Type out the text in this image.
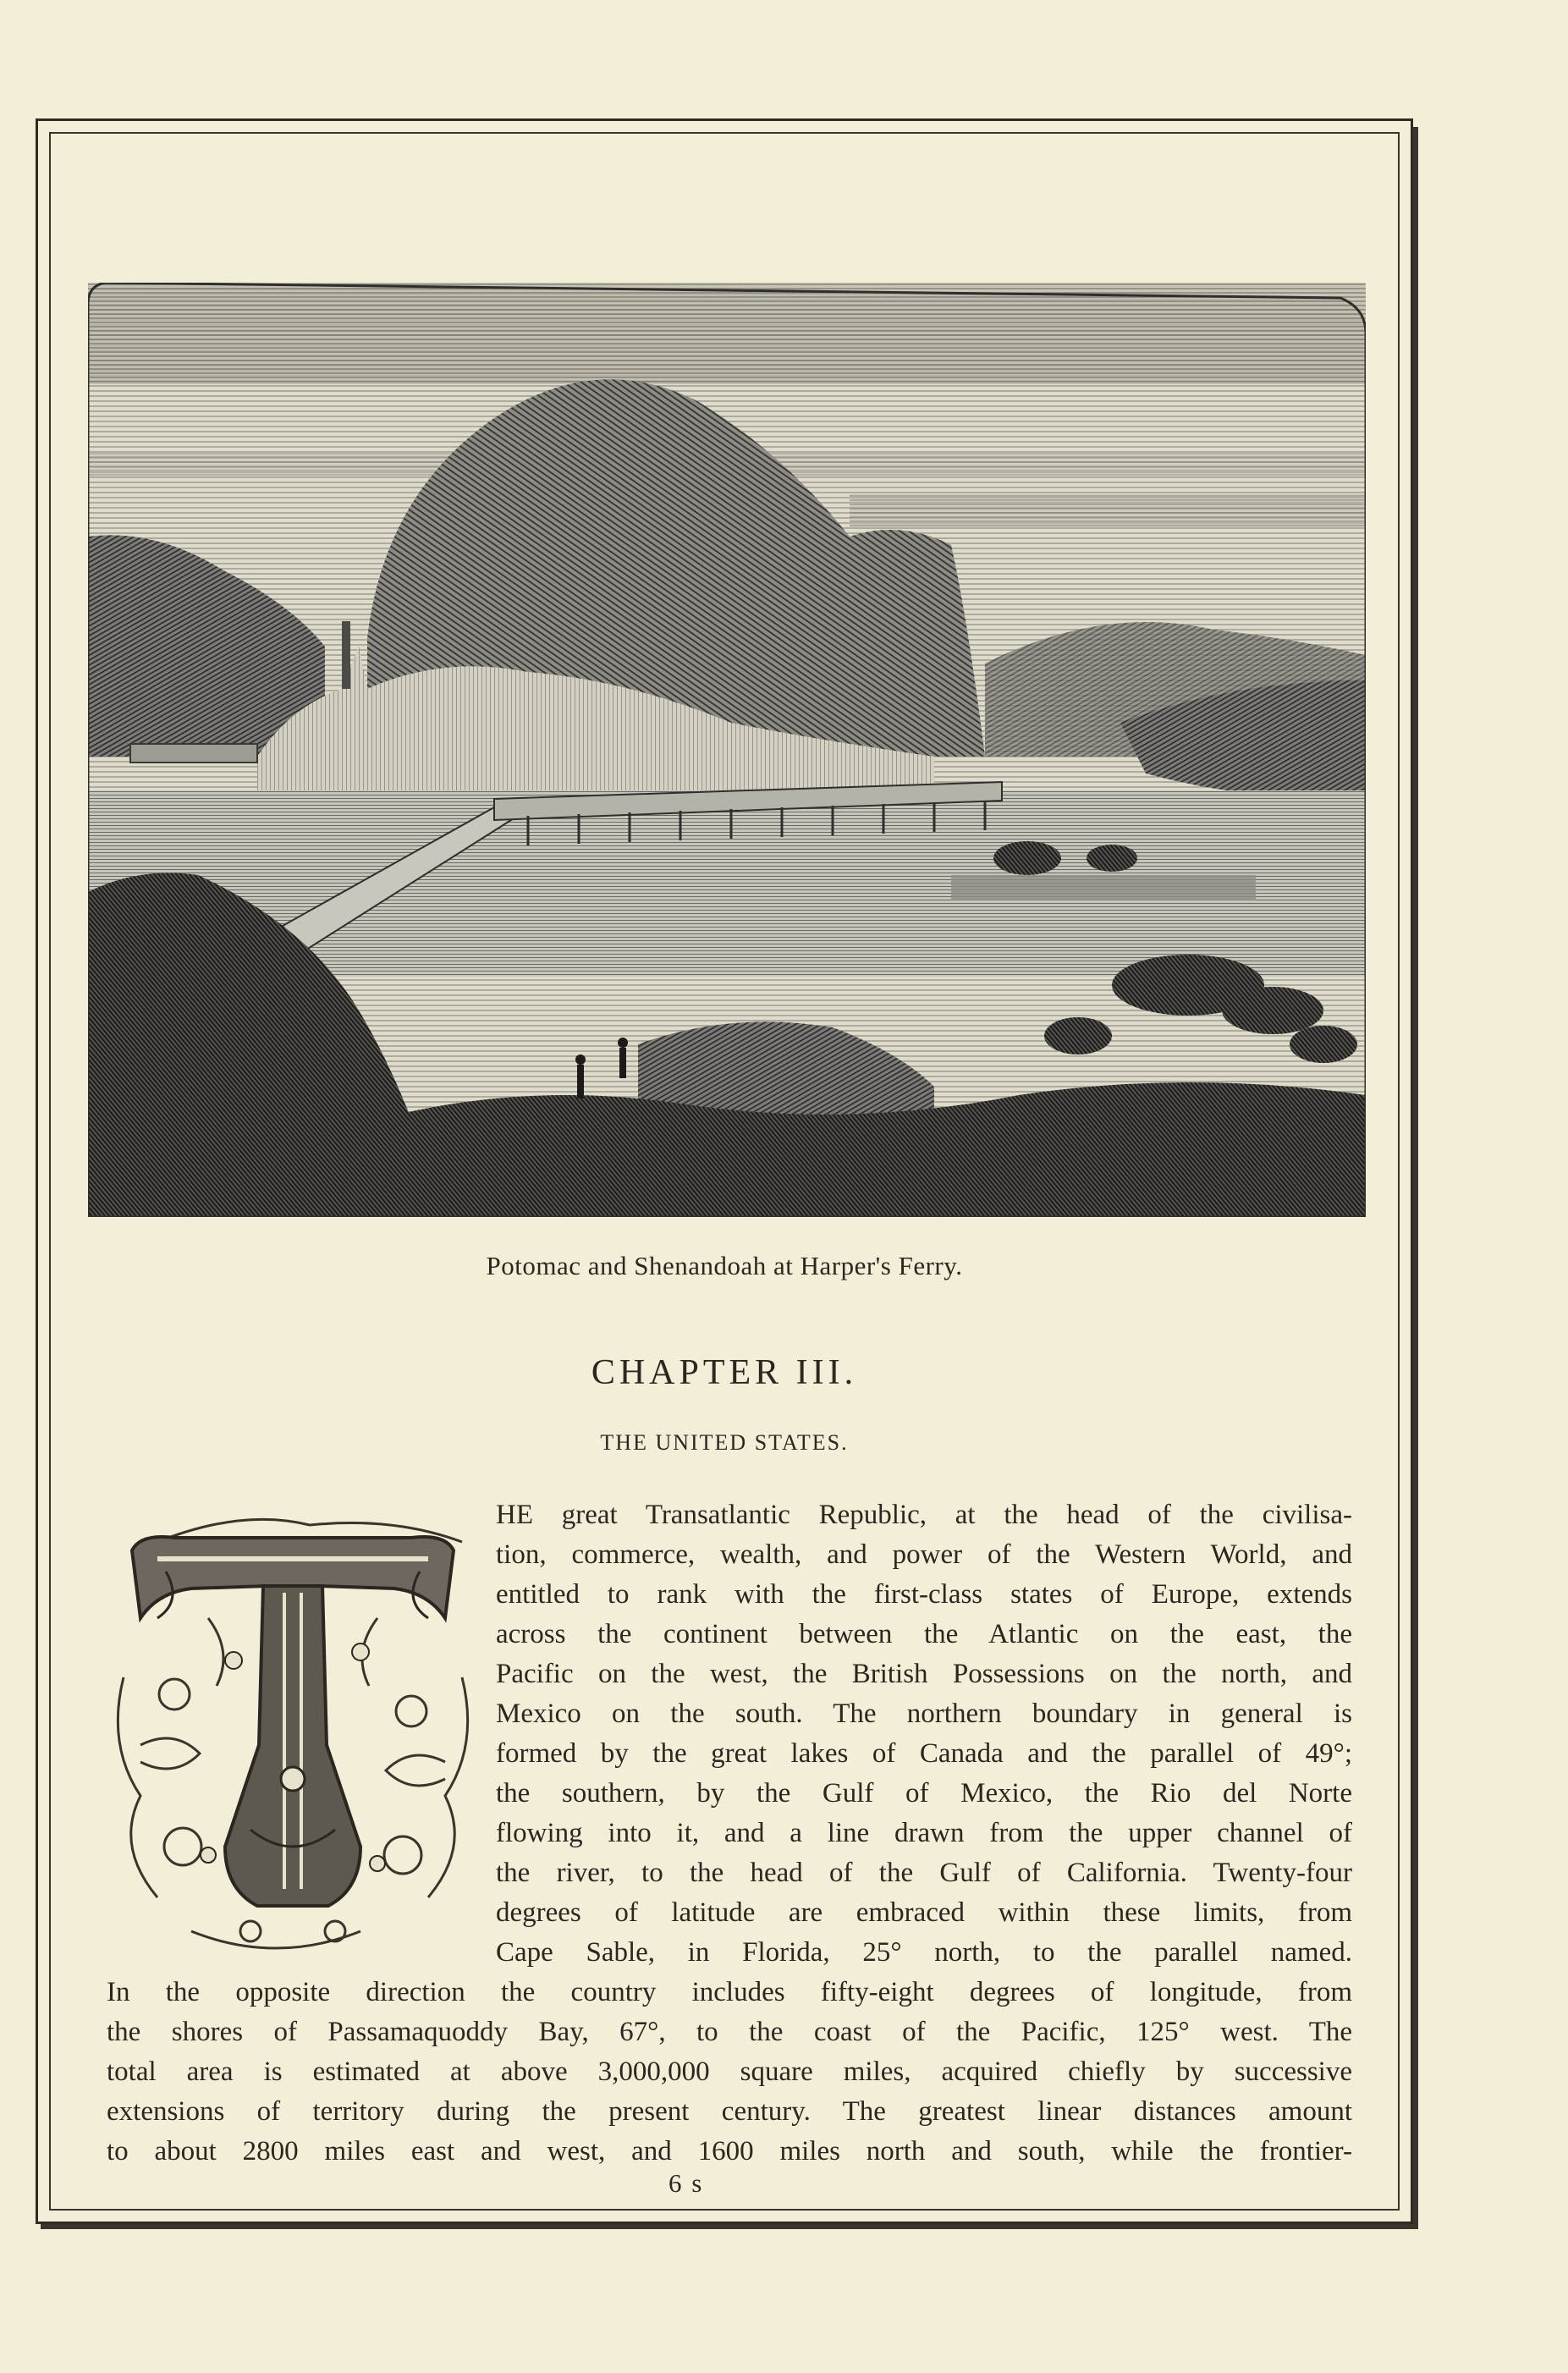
Potomac and Shenandoah at Harper's Ferry.
CHAPTER III.
THE UNITED STATES.
HE great Transatlantic Republic, at the head of the civilisa-
tion, commerce, wealth, and power of the Western World, and
entitled to rank with the first-class states of Europe, extends
across the continent between the Atlantic on the east, the
Pacific on the west, the British Possessions on the north, and
Mexico on the south. The northern boundary in general is
formed by the great lakes of Canada and the parallel of 49°;
the southern, by the Gulf of Mexico, the Rio del Norte
flowing into it, and a line drawn from the upper channel of
the river, to the head of the Gulf of California. Twenty-four
degrees of latitude are embraced within these limits, from
Cape Sable, in Florida, 25° north, to the parallel named.
In the opposite direction the country includes fifty-eight degrees of longitude, from
the shores of Passamaquoddy Bay, 67°, to the coast of the Pacific, 125° west. The
total area is estimated at above 3,000,000 square miles, acquired chiefly by successive
extensions of territory during the present century. The greatest linear distances amount
to about 2800 miles east and west, and 1600 miles north and south, while the frontier-
6 s
